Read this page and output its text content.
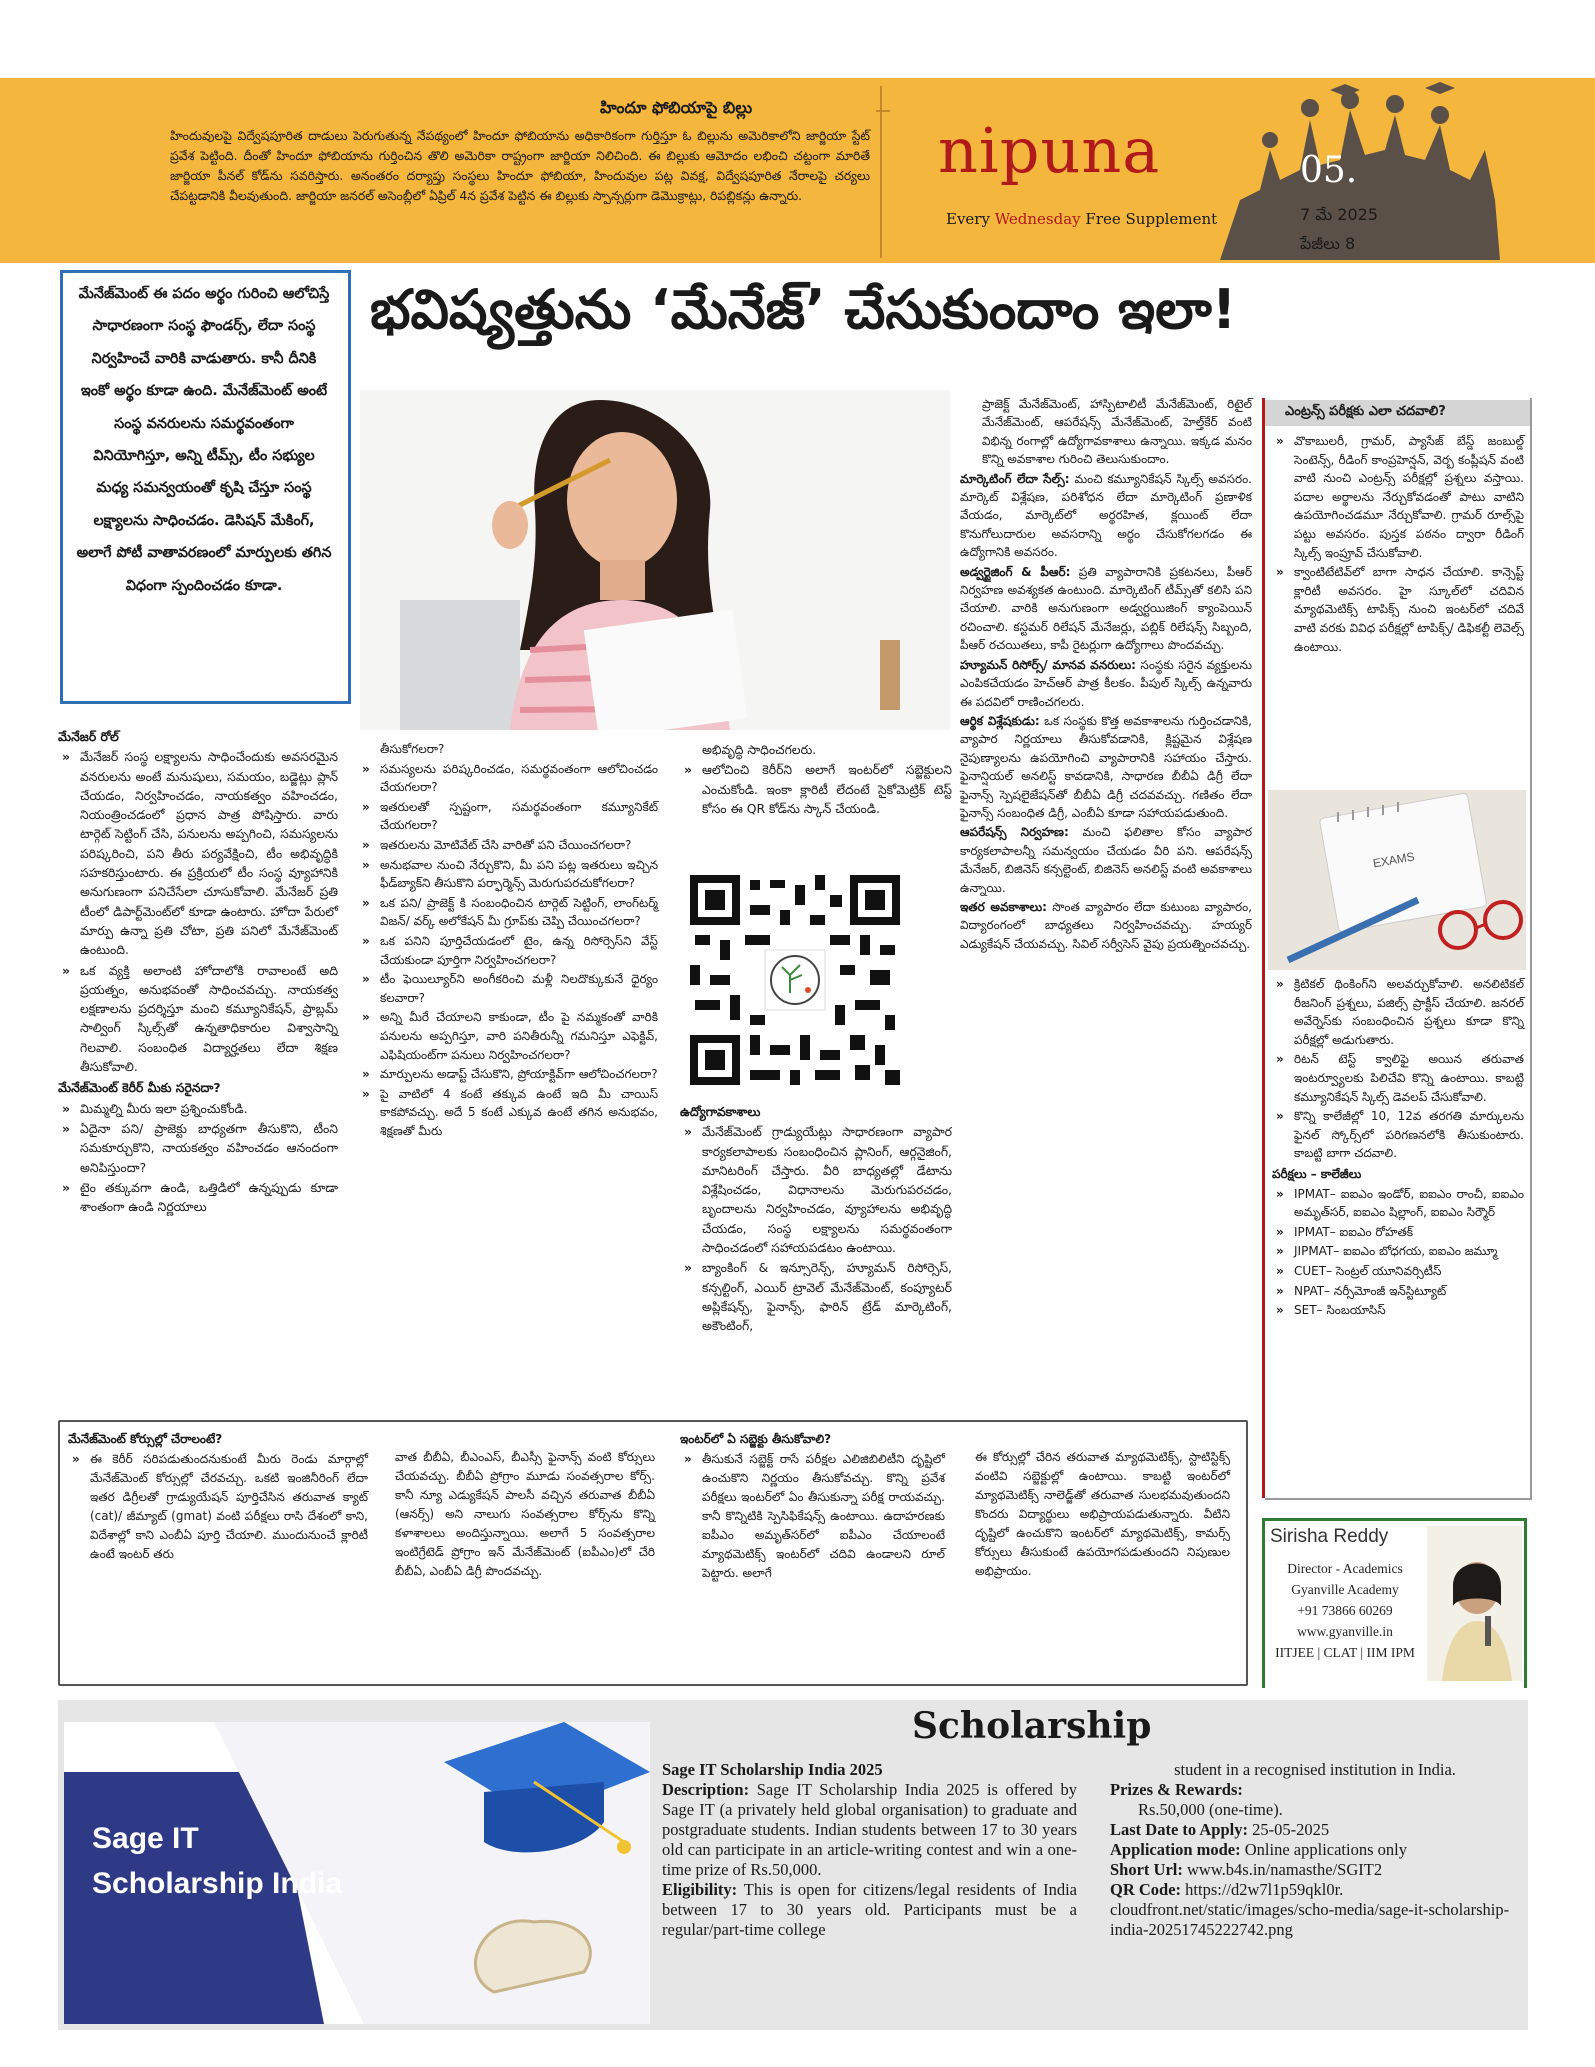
హిందూ ఫోబియాపై బిల్లు
హిందువులపై విద్వేషపూరిత దాడులు పెరుగుతున్న నేపథ్యంలో హిందూ ఫోబియాను అధికారికంగా గుర్తిస్తూ ఓ బిల్లును అమెరికాలోని జార్జియా స్టేట్ ప్రవేశ పెట్టింది. దీంతో హిందూ ఫోబియాను గుర్తించిన తొలి అమెరికా రాష్ట్రంగా జార్జియా నిలిచింది. ఈ బిల్లుకు ఆమోదం లభించి చట్టంగా మారితే జార్జియా పీనల్ కోడ్‌ను సవరిస్తారు. అనంతరం దర్యాప్తు సంస్థలు హిందూ ఫోబియా, హిందువుల పట్ల వివక్ష, విద్వేషపూరిత నేరాలపై చర్యలు చేపట్టడానికి వీలవుతుంది. జార్జియా జనరల్ అసెంబ్లీలో ఏప్రిల్ 4న ప్రవేశ పెట్టిన ఈ బిల్లుకు స్పాన్సర్లుగా డెమొక్రాట్లు, రిపబ్లికన్లు ఉన్నారు.
nipuna
Every Wednesday Free Supplement
05.
7 మే 2025
పేజీలు 8
మేనేజ్‌మెంట్ ఈ పదం అర్థం గురించి ఆలోచిస్తే సాధారణంగా సంస్థ ఫౌండర్స్, లేదా సంస్థ నిర్వహించే వారికి వాడుతారు. కానీ దీనికి ఇంకో అర్థం కూడా ఉంది. మేనేజ్‌మెంట్ అంటే సంస్థ వనరులను సమర్థవంతంగా వినియోగిస్తూ, అన్ని టీమ్స్, టీం సభ్యుల మధ్య సమన్వయంతో కృషి చేస్తూ సంస్థ లక్ష్యాలను సాధించడం. డెసిషన్ మేకింగ్, అలాగే పోటీ వాతావరణంలో మార్పులకు తగిన విధంగా స్పందించడం కూడా.
భవిష్యత్తును ‘మేనేజ్’ చేసుకుందాం ఇలా!
మేనేజర్ రోల్
» మేనేజర్ సంస్థ లక్ష్యాలను సాధించేందుకు అవసరమైన వనరులను అంటే మనుషులు, సమయం, బడ్జెట్లు ప్లాన్ చేయడం, నిర్వహించడం, నాయకత్వం వహించడం, నియంత్రించడంలో ప్రధాన పాత్ర పోషిస్తారు. వారు టార్గెట్ సెట్టింగ్ చేసి, పనులను అప్పగించి, సమస్యలను పరిష్కరించి, పని తీరు పర్యవేక్షించి, టీం అభివృద్ధికి సహకరిస్తుంటారు. ఈ ప్రక్రియలో టీం సంస్థ వ్యూహానికి అనుగుణంగా పనిచేసేలా చూసుకోవాలి. మేనేజర్ ప్రతి టీంలో డిపార్ట్‌మెంట్‌లో కూడా ఉంటారు. హోదా పేరులో మార్పు ఉన్నా ప్రతి చోటా, ప్రతి పనిలో మేనేజ్‌మెంట్ ఉంటుంది.
» ఒక వ్యక్తి అలాంటి హోదాలోకి రావాలంటే అది ప్రయత్నం, అనుభవంతో సాధించవచ్చు. నాయకత్వ లక్షణాలను ప్రదర్శిస్తూ మంచి కమ్యూనికేషన్, ప్రాబ్లమ్ సాల్వింగ్ స్కిల్స్‌తో ఉన్నతాధికారుల విశ్వాసాన్ని గెలవాలి. సంబంధిత విద్యార్హతలు లేదా శిక్షణ తీసుకోవాలి.
మేనేజ్‌మెంట్ కెరీర్ మీకు సరైనదా?
» మిమ్మల్ని మీరు ఇలా ప్రశ్నించుకోండి.
» ఏదైనా పని/ ప్రాజెక్టు బాధ్యతగా తీసుకొని, టీంని సమకూర్చుకొని, నాయకత్వం వహించడం ఆనందంగా అనిపిస్తుందా?
» టైం తక్కువగా ఉండి, ఒత్తిడిలో ఉన్నప్పుడు కూడా శాంతంగా ఉండి నిర్ణయాలు

తీసుకోగలరా?

» సమస్యలను పరిష్కరించడం, సమర్థవంతంగా ఆలోచించడం చేయగలరా?
» ఇతరులతో స్పష్టంగా, సమర్థవంతంగా కమ్యూనికేట్ చేయగలరా?
» ఇతరులను మోటివేట్ చేసి వారితో పని చేయించగలరా?
» అనుభవాల నుంచి నేర్చుకొని, మీ పని పట్ల ఇతరులు ఇచ్చిన ఫీడ్‌బ్యాక్‌ని తీసుకొని పర్ఫార్మెన్స్ మెరుగుపరచుకోగలరా?
» ఒక పని/ ప్రాజెక్ట్ కి సంబంధించిన టార్గెట్ సెట్టింగ్, లాంగ్‌టర్మ్ విజన్/ వర్క్ అలోకేషన్ మీ గ్రూప్‌కు చెప్పి చేయించగలరా?
» ఒక పనిని పూర్తిచేయడంలో టైం, ఉన్న రిసోర్సెస్‌ని వేస్ట్ చేయకుండా పూర్తిగా నిర్వహించగలరా?
» టీం ఫెయిల్యూర్‌ని అంగీకరించి మళ్లీ నిలదొక్కుకునే ధైర్యం కలవారా?
» అన్ని మీరే చేయాలని కాకుండా, టీం పై నమ్మకంతో వారికి పనులను అప్పగిస్తూ, వారి పనితీరున్నీ గమనిస్తూ ఎఫెక్టివ్, ఎఫిషియంట్‌గా పనులు నిర్వహించగలరా?
» మార్పులను అడాప్ట్ చేసుకొని, ప్రోయాక్టివ్‌గా ఆలోచించగలరా?
» పై వాటిలో 4 కంటే తక్కువ ఉంటే ఇది మీ చాయిస్ కాకపోవచ్చు. అదే 5 కంటే ఎక్కువ ఉంటే తగిన అనుభవం, శిక్షణతో మీరు

అభివృద్ధి సాధించగలరు.

» ఆలోచించి కెరీర్‌ని అలాగే ఇంటర్‌లో సబ్జెక్టులని ఎంచుకోండి. ఇంకా క్లారిటీ లేదంటే సైకోమెట్రిక్ టెస్ట్ కోసం ఈ QR కోడ్‌ను స్కాన్ చేయండి.
ఉద్యోగావకాశాలు
» మేనేజ్‌మెంట్ గ్రాడ్యుయేట్లు సాధారణంగా వ్యాపార కార్యకలాపాలకు సంబంధించిన ప్లానింగ్, ఆర్గనైజింగ్, మానిటరింగ్ చేస్తారు. వీరి బాధ్యతల్లో డేటాను విశ్లేషించడం, విధానాలను మెరుగుపరచడం, బృందాలను నిర్వహించడం, వ్యూహాలను అభివృద్ధి చేయడం, సంస్థ లక్ష్యాలను సమర్థవంతంగా సాధించడంలో సహాయపడటం ఉంటాయి.
» బ్యాంకింగ్ & ఇన్సూరెన్స్, హ్యూమన్ రిసోర్సెస్, కన్సల్టింగ్, ఎయిర్ ట్రావెల్ మేనేజ్‌మెంట్, కంప్యూటర్ అప్లికేషన్స్, ఫైనాన్స్, ఫారిన్ ట్రేడ్ మార్కెటింగ్, అకౌంటింగ్,

ప్రాజెక్ట్ మేనేజ్‌మెంట్, హాస్పిటాలిటీ మేనేజ్‌మెంట్, రిటైల్ మేనేజ్‌మెంట్, ఆపరేషన్స్ మేనేజ్‌మెంట్, హెల్త్‌కేర్ వంటి విభిన్న రంగాల్లో ఉద్యోగావకాశాలు ఉన్నాయి. ఇక్కడ మనం కొన్ని అవకాశాల గురించి తెలుసుకుందాం.

మార్కెటింగ్ లేదా సేల్స్: మంచి కమ్యూనికేషన్ స్కిల్స్ అవసరం. మార్కెట్ విశ్లేషణ, పరిశోధన లేదా మార్కెటింగ్ ప్రణాళిక వేయడం, మార్కెట్‌లో అర్థరహిత, క్లయింట్ లేదా కొనుగోలుదారుల అవసరాన్ని అర్థం చేసుకోగలగడం ఈ ఉద్యోగానికి అవసరం.

అడ్వర్టైజింగ్ & పీఆర్: ప్రతి వ్యాపారానికి ప్రకటనలు, పీఆర్ నిర్వహణ అవశ్యకత ఉంటుంది. మార్కెటింగ్ టీమ్స్‌తో కలిసి పని చేయాలి. వారికి అనుగుణంగా అడ్వర్టయిజింగ్ క్యాంపెయిన్ రచించాలి. కస్టమర్ రిలేషన్ మేనేజర్లు, పబ్లిక్ రిలేషన్స్ సిబ్బంది, పీఆర్ రచయితలు, కాపీ రైటర్లుగా ఉద్యోగాలు పొందవచ్చు.

హ్యూమన్ రిసోర్స్/ మానవ వనరులు: సంస్థకు సరైన వ్యక్తులను ఎంపికచేయడం హెచ్‌ఆర్ పాత్ర కీలకం. పీపుల్ స్కిల్స్ ఉన్నవారు ఈ పదవిలో రాణించగలరు.

ఆర్థిక విశ్లేషకుడు: ఒక సంస్థకు కొత్త అవకాశాలను గుర్తించడానికి, వ్యాపార నిర్ణయాలు తీసుకోవడానికి, క్లిష్టమైన విశ్లేషణ నైపుణ్యాలను ఉపయోగించి వ్యాపారానికి సహాయం చేస్తారు. ఫైనాన్షియల్ అనలిస్ట్ కావడానికి, సాధారణ బీబీఏ డిగ్రీ లేదా ఫైనాన్స్ స్పెషలైజేషన్‌తో బీబీఏ డిగ్రీ చదవవచ్చు. గణితం లేదా ఫైనాన్స్ సంబంధిత డిగ్రీ, ఎంబీఏ కూడా సహాయపడుతుంది.

ఆపరేషన్స్ నిర్వహణ: మంచి ఫలితాల కోసం వ్యాపార కార్యకలాపాలన్నీ సమన్వయం చేయడం వీరి పని. ఆపరేషన్స్ మేనేజర్, బిజినెస్ కన్సల్టెంట్, బిజినెస్ అనలిస్ట్ వంటి అవకాశాలు ఉన్నాయి.

ఇతర అవకాశాలు: సొంత వ్యాపారం లేదా కుటుంబ వ్యాపారం, విద్యారంగంలో బాధ్యతలు నిర్వహించవచ్చు. హయ్యర్ ఎడ్యుకేషన్ చేయవచ్చు. సివిల్ సర్వీసెస్ వైపు ప్రయత్నించవచ్చు.

ఎంట్రన్స్ పరీక్షకు ఎలా చదవాలి?
» వొకాబులరీ, గ్రామర్, ప్యాసేజ్ బేస్డ్ జంబుల్డ్ సెంటెన్స్, రీడింగ్ కాంప్రహెన్షన్, వెర్బ కంప్లీషన్ వంటి వాటి నుంచి ఎంట్రన్స్ పరీక్షల్లో ప్రశ్నలు వస్తాయి. పదాల అర్థాలను నేర్చుకోవడంతో పాటు వాటిని ఉపయోగించడమూ నేర్చుకోవాలి. గ్రామర్ రూల్స్‌పై పట్టు అవసరం. పుస్తక పఠనం ద్వారా రీడింగ్ స్కిల్స్ ఇంప్రూవ్ చేసుకోవాలి.
» క్వాంటిటేటివ్‌లో బాగా సాధన చేయాలి. కాన్సెప్ట్ క్లారిటీ అవసరం. హై స్కూల్‌లో చదివిన మ్యాథమెటిక్స్ టాపిక్స్ నుంచి ఇంటర్‌లో చదివే వాటి వరకు వివిధ పరీక్షల్లో టాపిక్స్/ డిఫికల్టీ లెవెల్స్ ఉంటాయి.
EXAMS
» క్రిటికల్ థింకింగ్‌ని అలవర్చుకోవాలి. అనలిటికల్ రీజనింగ్ ప్రశ్నలు, పజిల్స్ ప్రాక్టీస్ చేయాలి. జనరల్ అవేర్నెస్‌కు సంబంధించిన ప్రశ్నలు కూడా కొన్ని పరీక్షల్లో అడుగుతారు.
» రిటన్ టెస్ట్ క్వాలిఫై అయిన తరువాత ఇంటర్వ్యూలకు పిలిచేవి కొన్ని ఉంటాయి. కాబట్టి కమ్యూనికేషన్ స్కిల్స్ డెవలప్ చేసుకోవాలి.
» కొన్ని కాలేజీల్లో 10, 12వ తరగతి మార్కులను ఫైనల్ స్కోర్స్‌లో పరిగణనలోకి తీసుకుంటారు. కాబట్టి బాగా చదవాలి.
పరీక్షలు – కాలేజీలు
» IPMAT– ఐఐఎం ఇండోర్, ఐఐఎం రాంచీ, ఐఐఎం అమృత్‌సర్, ఐఐఎం షిల్లాంగ్, ఐఐఎం సిర్మౌర్
» IPMAT– ఐఐఎం రోహతక్
» JIPMAT– ఐఐఎం బోధగయ, ఐఐఎం జమ్మూ
» CUET– సెంట్రల్ యూనివర్సిటీస్
» NPAT– నర్సీమోంజీ ఇన్‌స్టిట్యూట్
» SET– సింబయాసిస్
Sirisha Reddy
Director - Academics
Gyanville Academy
+91 73866 60269
www.gyanville.in
IITJEE | CLAT | IIM IPM
మేనేజ్‌మెంట్ కోర్సుల్లో చేరాలంటే?
» ఈ కెరీర్ సరిపడుతుందనుకుంటే మీరు రెండు మార్గాల్లో మేనేజ్‌మెంట్ కోర్సుల్లో చేరవచ్చు. ఒకటి ఇంజినీరింగ్ లేదా ఇతర డిగ్రీలతో గ్రాడ్యుయేషన్ పూర్తిచేసిన తరువాత క్యాట్ (cat)/ జీమ్యాట్ (gmat) వంటి పరీక్షలు రాసి దేశంలో కాని, విదేశాల్లో కాని ఎంబీఏ పూర్తి చేయాలి. ముందునుంచే క్లారిటీ ఉంటే ఇంటర్ తరు

వాత బీబీఏ, బీఎంఎస్, బీఎస్సీ ఫైనాన్స్ వంటి కోర్సులు చేయవచ్చు. బీబీఏ ప్రోగ్రాం మూడు సంవత్సరాల కోర్స్. కానీ న్యూ ఎడ్యుకేషన్ పాలసీ వచ్చిన తరువాత బీబీఏ (ఆనర్స్) అని నాలుగు సంవత్సరాల కోర్స్‌ను కొన్ని కళాశాలలు అందిస్తున్నాయి. అలాగే 5 సంవత్సరాల ఇంటిగ్రేటెడ్ ప్రోగ్రాం ఇన్ మేనేజ్‌మెంట్ (ఐపీఎం)లో చేరి బీబీఏ, ఎంబీఏ డిగ్రీ పొందవచ్చు.

ఇంటర్‌లో ఏ సబ్జెక్టు తీసుకోవాలి?
» తీసుకునే సబ్జెక్ట్ రాసే పరీక్షల ఎలిజిబిలిటీని దృష్టిలో ఉంచుకొని నిర్ణయం తీసుకోవచ్చు. కొన్ని ప్రవేశ పరీక్షలు ఇంటర్‌లో ఏం తీసుకున్నా పరీక్ష రాయవచ్చు. కానీ కొన్నిటికి స్పెసిఫికేషన్స్ ఉంటాయి. ఉదాహరణకు ఐపీఎం అమృత్‌సర్‌లో ఐపీఎం చేయాలంటే మ్యాథమెటిక్స్ ఇంటర్‌లో చదివి ఉండాలని రూల్ పెట్టారు. అలాగే

ఈ కోర్సుల్లో చేరిన తరువాత మ్యాథమెటిక్స్, స్టాటిస్టిక్స్ వంటివి సబ్జెక్టుల్లో ఉంటాయి. కాబట్టి ఇంటర్‌లో మ్యాథమెటిక్స్ నాలెడ్జ్‌తో తరువాత సులభమవుతుందని కొందరు విద్యార్థులు అభిప్రాయపడుతున్నారు. వీటిని దృష్టిలో ఉంచుకొని ఇంటర్‌లో మ్యాథమెటిక్స్, కామర్స్ కోర్సులు తీసుకుంటే ఉపయోగపడుతుందని నిపుణుల అభిప్రాయం.

Scholarship
Sage IT
Scholarship India
Sage IT Scholarship India 2025
Description: Sage IT Scholarship India 2025 is offered by Sage IT (a privately held global organisation) to graduate and postgraduate students. Indian students between 17 to 30 years old can participate in an article-writing contest and win a one-time prize of Rs.50,000.
Eligibility: This is open for citizens/legal residents of India between 17 to 30 years old. Participants must be a regular/part-time college
student in a recognised institution in India.
Prizes & Rewards:
Rs.50,000 (one-time).
Last Date to Apply: 25-05-2025
Application mode: Online applications only
Short Url: www.b4s.in/namasthe/SGIT2
QR Code: https://d2w7l1p59qkl0r. cloudfront.net/static/images/scho-media/sage-it-scholarship-india-20251745222742.png
